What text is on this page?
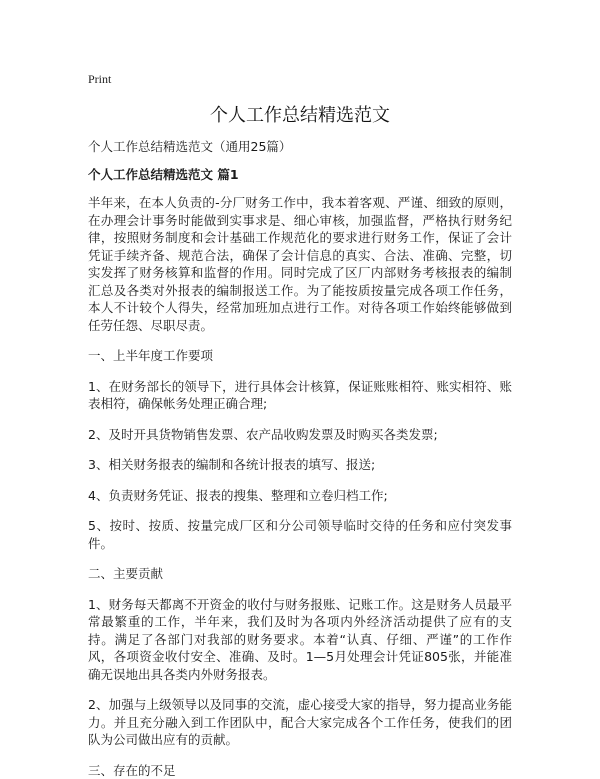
Print
个人工作总结精选范文

个人工作总结精选范文（通用25篇）

个人工作总结精选范文 篇1

半年来，在本人负责的-分厂财务工作中，我本着客观、严谨、细致的原则，在办理会计事务时能做到实事求是、细心审核，加强监督，严格执行财务纪律，按照财务制度和会计基础工作规范化的要求进行财务工作，保证了会计凭证手续齐备、规范合法，确保了会计信息的真实、合法、准确、完整，切实发挥了财务核算和监督的作用。同时完成了区厂内部财务考核报表的编制汇总及各类对外报表的编制报送工作。为了能按质按量完成各项工作任务，本人不计较个人得失，经常加班加点进行工作。对待各项工作始终能够做到任劳任怨、尽职尽责。

一、上半年度工作要项

1、在财务部长的领导下，进行具体会计核算，保证账账相符、账实相符、账表相符，确保帐务处理正确合理;

2、及时开具货物销售发票、农产品收购发票及时购买各类发票;

3、相关财务报表的编制和各统计报表的填写、报送;

4、负责财务凭证、报表的搜集、整理和立卷归档工作;

5、按时、按质、按量完成厂区和分公司领导临时交待的任务和应付突发事件。

二、主要贡献

1、财务每天都离不开资金的收付与财务报账、记账工作。这是财务人员最平常最繁重的工作，半年来，我们及时为各项内外经济活动提供了应有的支持。满足了各部门对我部的财务要求。本着“认真、仔细、严谨”的工作作风，各项资金收付安全、准确、及时。1—5月处理会计凭证805张，并能准确无误地出具各类内外财务报表。

2、加强与上级领导以及同事的交流，虚心接受大家的指导，努力提高业务能力。并且充分融入到工作团队中，配合大家完成各个工作任务，使我们的团队为公司做出应有的贡献。

三、存在的不足
